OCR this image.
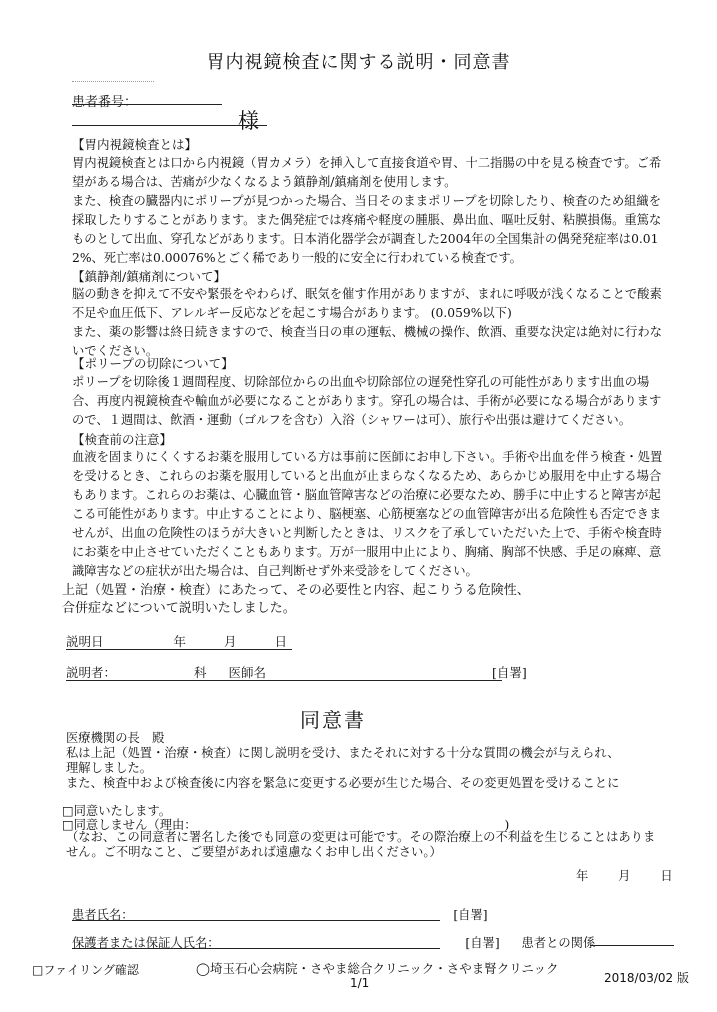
胃内視鏡検査に関する説明・同意書
患者番号：
様
【胃内視鏡検査とは】

胃内視鏡検査とは口から内視鏡（胃カメラ）を挿入して直接食道や胃、十二指腸の中を見る検査です。ご希望がある場合は、苦痛が少なくなるよう鎮静剤/鎮痛剤を使用します。
また、検査の臓器内にポリープが見つかった場合、当日そのままポリープを切除したり、検査のため組織を採取したりすることがあります。また偶発症では疼痛や軽度の腫脹、鼻出血、嘔吐反射、粘膜損傷。重篤なものとして出血、穿孔などがあります。日本消化器学会が調査した2004年の全国集計の偶発発症率は0.012%、死亡率は0.00076%とごく稀であり一般的に安全に行われている検査です。

【鎮静剤/鎮痛剤について】

脳の動きを抑えて不安や緊張をやわらげ、眠気を催す作用がありますが、まれに呼吸が浅くなることで酸素不足や血圧低下、アレルギー反応などを起こす場合があります。 (0.059%以下)
また、薬の影響は終日続きますので、検査当日の車の運転、機械の操作、飲酒、重要な決定は絶対に行わないでください。

【ポリープの切除について】

ポリープを切除後１週間程度、切除部位からの出血や切除部位の遅発性穿孔の可能性があります出血の場合、再度内視鏡検査や輸血が必要になることがあります。穿孔の場合は、手術が必要になる場合がありますので、１週間は、飲酒・運動（ゴルフを含む）入浴（シャワーは可）、旅行や出張は避けてください。

【検査前の注意】

血液を固まりにくくするお薬を服用している方は事前に医師にお申し下さい。手術や出血を伴う検査・処置を受けるとき、これらのお薬を服用していると出血が止まらなくなるため、あらかじめ服用を中止する場合もあります。これらのお薬は、心臓血管・脳血管障害などの治療に必要なため、勝手に中止すると障害が起こる可能性があります。中止することにより、脳梗塞、心筋梗塞などの血管障害が出る危険性も否定できませんが、出血の危険性のほうが大きいと判断したときは、リスクを了承していただいた上で、手術や検査時にお薬を中止させていただくこともあります。万が一服用中止により、胸痛、胸部不快感、手足の麻痺、意識障害などの症状が出た場合は、自己判断せず外来受診をしてください。

上記（処置・治療・検査）にあたって、その必要性と内容、起こりうる危険性、
合併症などについて説明いたしました。
説明日	年	月	日
説明者：	科 医師名	[自署]
同意書
医療機関の長　殿
私は上記（処置・治療・検査）に関し説明を受け、またそれに対する十分な質問の機会が与えられ、
理解しました。
また、検査中および検査後に内容を緊急に変更する必要が生じた場合、その変更処置を受けることに
□同意いたします。
□同意しません（理由：	)
（なお、この同意者に署名した後でも同意の変更は可能です。その際治療上の不利益を生じることはありません。ご不明なこと、ご要望があれば遠慮なくお申し出ください。）
年 月 日
患者氏名：	[自署]
保護者または保証人氏名：	[自署] 患者との関係
□ファイリング確認	◯埼玉石心会病院・さやま総合クリニック・さやま腎クリニック
1/1	2018/03/02 版
